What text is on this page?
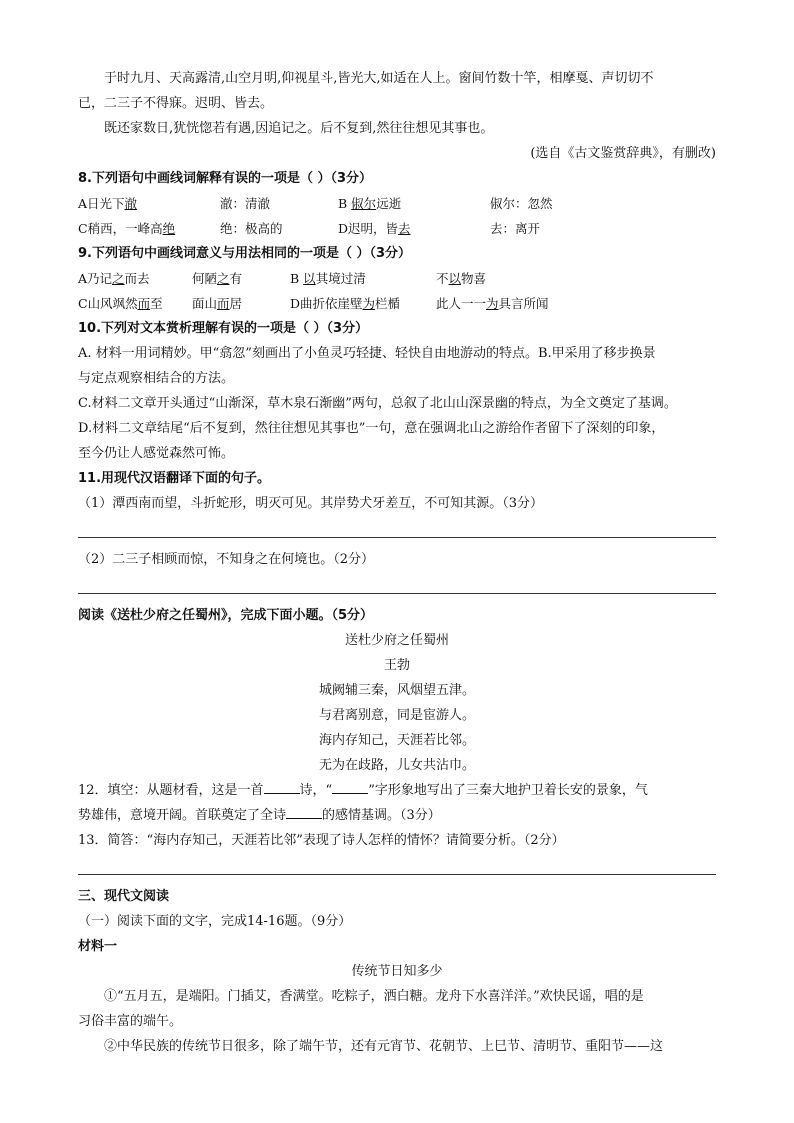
于时九月、天高露清,山空月明,仰视星斗,皆光大,如适在人上。窗间竹数十竿，相摩戛、声切切不

已，二三子不得寐。迟明、皆去。

既还家数日,犹恍惚若有遇,因追记之。后不复到,然往往想见其事也。

(选自《古文鉴赏辞典》，有删改)

8.下列语句中画线词解释有误的一项是（ ）（3分）

A日光下澈	澈：清澈	B 俶尔远逝	俶尔：忽然
C稍西，一峰高绝	绝：极高的	D迟明，皆去	去：离开

9.下列语句中画线词意义与用法相同的一项是（ ）（3分）

A乃记之而去	何陋之有	B 以其境过清	不以物喜
C山风飒然而至	面山而居	D曲折依崖壁为栏楯	此人一一为具言所闻

10.下列对文本赏析理解有误的一项是（ ）（3分）

A. 材料一用词精妙。甲“翕忽”刻画出了小鱼灵巧轻捷、轻快自由地游动的特点。B.甲采用了移步换景

与定点观察相结合的方法。

C.材料二文章开头通过“山渐深，草木泉石渐幽”两句，总叙了北山山深景幽的特点，为全文奠定了基调。

D.材料二文章结尾“后不复到，然往往想见其事也”一句，意在强调北山之游给作者留下了深刻的印象，

至今仍让人感觉森然可怖。

11.用现代汉语翻译下面的句子。

（1）潭西南而望，斗折蛇形，明灭可见。其岸势犬牙差互，不可知其源。（3分）

（2）二三子相顾而惊，不知身之在何境也。（2分）

阅读《送杜少府之任蜀州》，完成下面小题。（5分）

送杜少府之任蜀州

王勃

城阙辅三秦，风烟望五津。

与君离别意，同是宦游人。

海内存知己，天涯若比邻。

无为在歧路，儿女共沾巾。

12．填空：从题材看，这是一首	诗，“	”字形象地写出了三秦大地护卫着长安的景象，气

势雄伟，意境开阔。首联奠定了全诗	的感情基调。（3分）

13．简答：“海内存知己，天涯若比邻”表现了诗人怎样的情怀？请简要分析。（2分）

三、现代文阅读

（一）阅读下面的文字，完成14-16题。（9分）

材料一

传统节日知多少

①“五月五，是端阳。门插艾，香满堂。吃粽子，洒白糖。龙舟下水喜洋洋。”欢快民谣，唱的是

习俗丰富的端午。

②中华民族的传统节日很多，除了端午节，还有元宵节、花朝节、上巳节、清明节、重阳节——这
